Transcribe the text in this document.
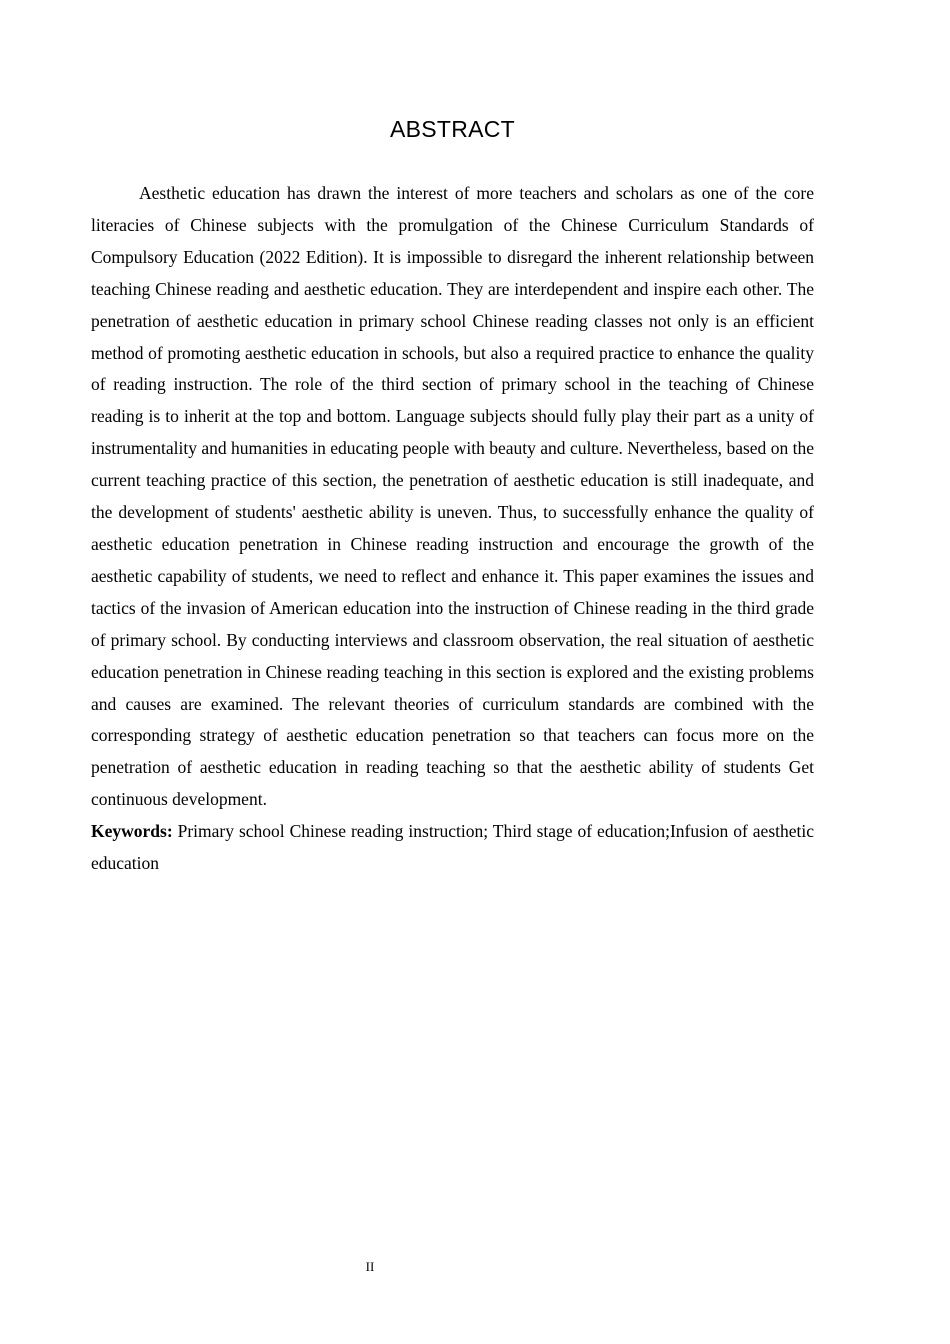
ABSTRACT

Aesthetic education has drawn the interest of more teachers and scholars as one of the core literacies of Chinese subjects with the promulgation of the Chinese Curriculum Standards of Compulsory Education (2022 Edition). It is impossible to disregard the inherent relationship between teaching Chinese reading and aesthetic education. They are interdependent and inspire each other. The penetration of aesthetic education in primary school Chinese reading classes not only is an efficient method of promoting aesthetic education in schools, but also a required practice to enhance the quality of reading instruction. The role of the third section of primary school in the teaching of Chinese reading is to inherit at the top and bottom. Language subjects should fully play their part as a unity of instrumentality and humanities in educating people with beauty and culture. Nevertheless, based on the current teaching practice of this section, the penetration of aesthetic education is still inadequate, and the development of students' aesthetic ability is uneven. Thus, to successfully enhance the quality of aesthetic education penetration in Chinese reading instruction and encourage the growth of the aesthetic capability of students, we need to reflect and enhance it. This paper examines the issues and tactics of the invasion of American education into the instruction of Chinese reading in the third grade of primary school. By conducting interviews and classroom observation, the real situation of aesthetic education penetration in Chinese reading teaching in this section is explored and the existing problems and causes are examined. The relevant theories of curriculum standards are combined with the corresponding strategy of aesthetic education penetration so that teachers can focus more on the penetration of aesthetic education in reading teaching so that the aesthetic ability of students Get continuous development.

Keywords: Primary school Chinese reading instruction; Third stage of education;Infusion of aesthetic education

II
